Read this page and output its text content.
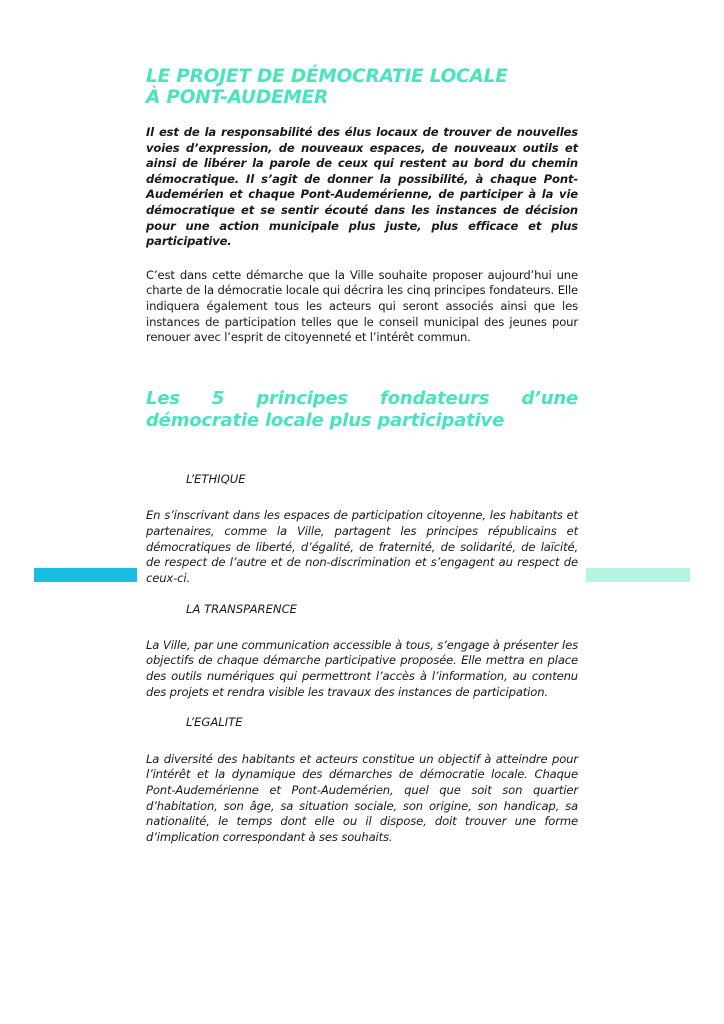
LE PROJET DE DÉMOCRATIE LOCALE
À PONT-AUDEMER

Il est de la responsabilité des élus locaux de trouver de nouvelles voies d’expression, de nouveaux espaces, de nouveaux outils et ainsi de libérer la parole de ceux qui restent au bord du chemin démocratique. Il s’agit de donner la possibilité, à chaque Pont-Audemérien et chaque Pont-Audemérienne, de participer à la vie démocratique et se sentir écouté dans les instances de décision pour une action municipale plus juste, plus efficace et plus participative.

C’est dans cette démarche que la Ville souhaite proposer aujourd’hui une charte de la démocratie locale qui décrira les cinq principes fondateurs. Elle indiquera également tous les acteurs qui seront associés ainsi que les instances de participation telles que le conseil municipal des jeunes pour renouer avec l’esprit de citoyenneté et l’intérêt commun.

Les 5 principes fondateurs d’une démocratie locale plus participative

L’ETHIQUE

En s’inscrivant dans les espaces de participation citoyenne, les habitants et partenaires, comme la Ville, partagent les principes républicains et démocratiques de liberté, d’égalité, de fraternité, de solidarité, de laïcité, de respect de l’autre et de non-discrimination et s’engagent au respect de ceux-ci.

LA TRANSPARENCE

La Ville, par une communication accessible à tous, s’engage à présenter les objectifs de chaque démarche participative proposée. Elle mettra en place des outils numériques qui permettront l’accès à l’information, au contenu des projets et rendra visible les travaux des instances de participation.

L’EGALITE

La diversité des habitants et acteurs constitue un objectif à atteindre pour l’intérêt et la dynamique des démarches de démocratie locale. Chaque Pont-Audemérienne et Pont-Audemérien, quel que soit son quartier d’habitation, son âge, sa situation sociale, son origine, son handicap, sa nationalité, le temps dont elle ou il dispose, doit trouver une forme d’implication correspondant à ses souhaits.
